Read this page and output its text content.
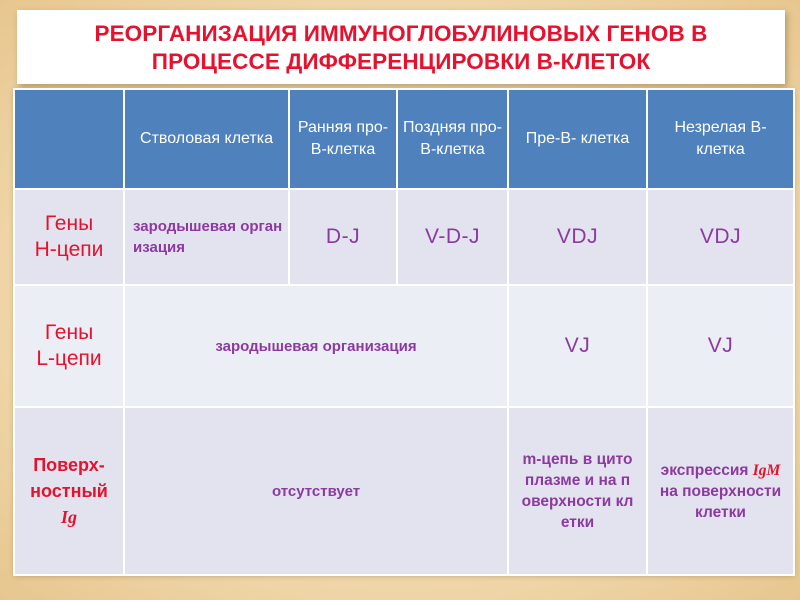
РЕОРГАНИЗАЦИЯ ИММУНОГЛОБУЛИНОВЫХ ГЕНОВ В
ПРОЦЕССЕ ДИФФЕРЕНЦИРОВКИ В-КЛЕТОК
	Стволовая клетка	Ранняя про- В-клетка	Поздняя про- В-клетка	Пре-В- клетка	Незрелая В-клетка

Гены
Н-цепи	зародышевая организация	D-J	V-D-J	VDJ	VDJ

Гены
L-цепи	зародышевая организация			VJ	VJ

Поверх-
ностный
Ig	отсутствует			m-цепь в цитоплазме и на поверхности клетки	экспрессия IgM на поверхности клетки
